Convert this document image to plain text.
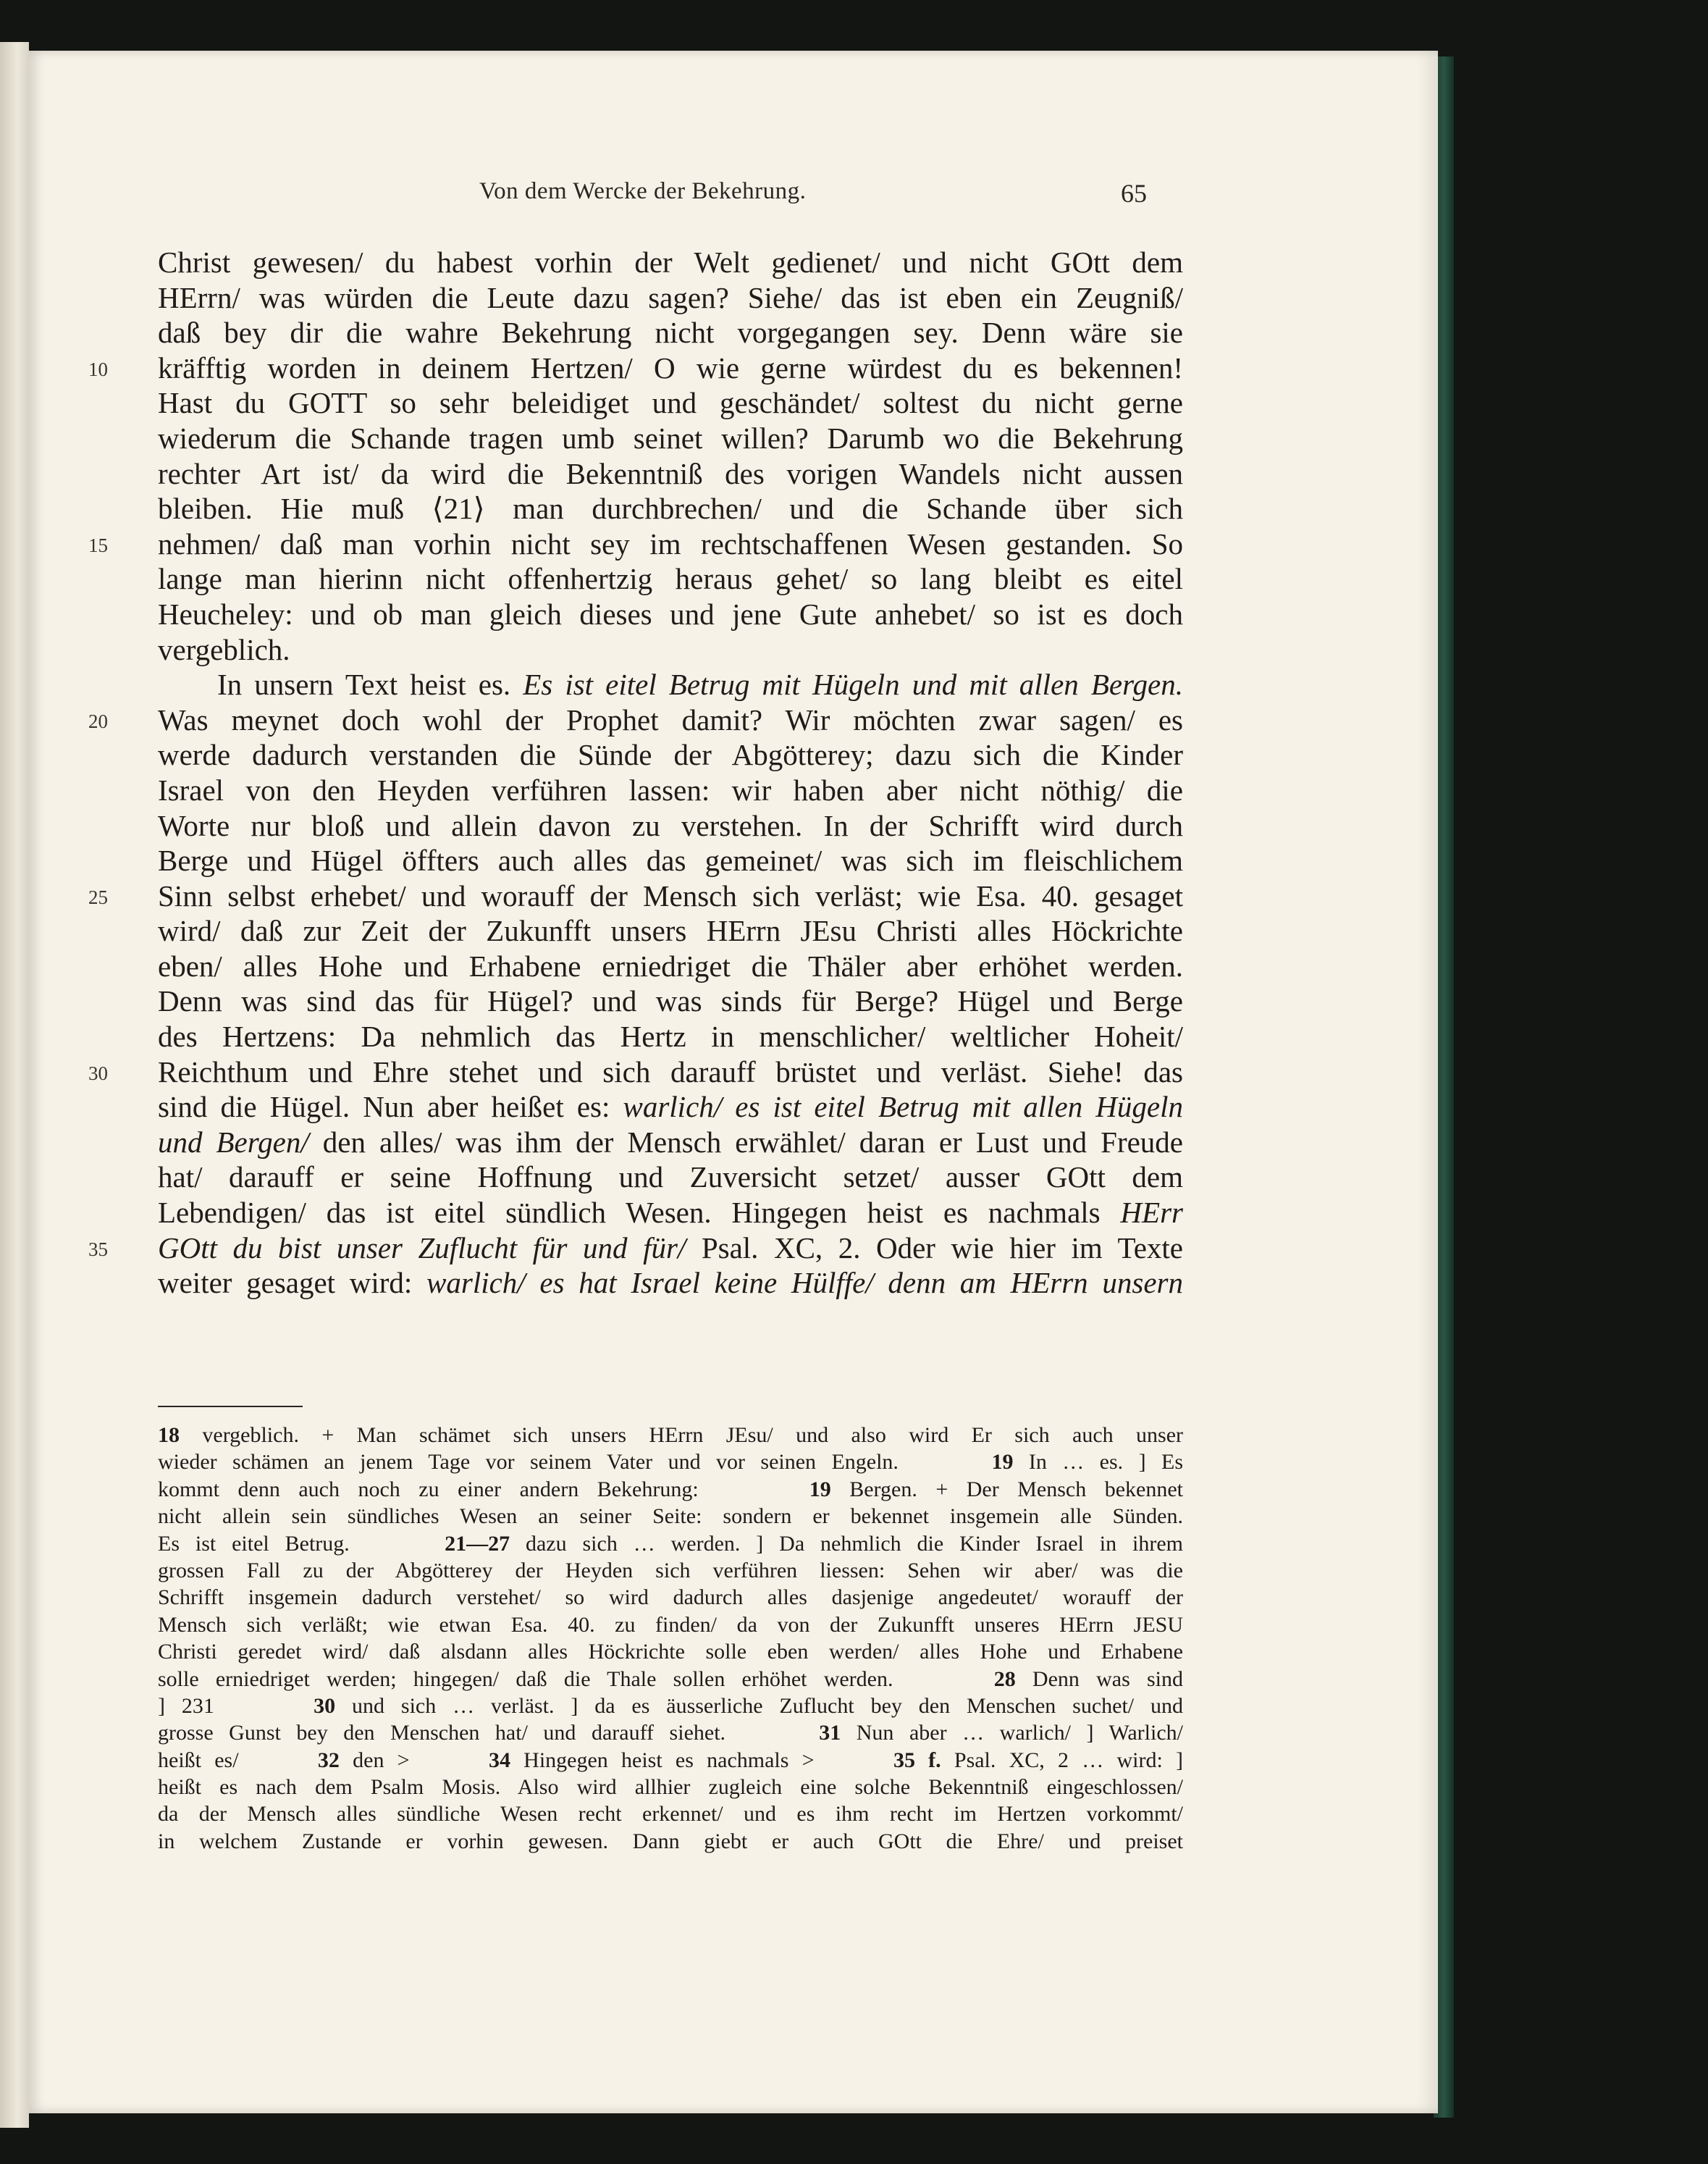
Von dem Wercke der Bekehrung.	65
Christ gewesen/ du habest vorhin der Welt gedienet/ und nicht GOtt dem
HErrn/ was würden die Leute dazu sagen? Siehe/ das ist eben ein Zeugniß/
daß bey dir die wahre Bekehrung nicht vorgegangen sey. Denn wäre sie
10	kräfftig worden in deinem Hertzen/ O wie gerne würdest du es bekennen!
Hast du GOTT so sehr beleidiget und geschändet/ soltest du nicht gerne
wiederum die Schande tragen umb seinet willen? Darumb wo die Bekehrung
rechter Art ist/ da wird die Bekenntniß des vorigen Wandels nicht aussen
bleiben. Hie muß ⟨21⟩ man durchbrechen/ und die Schande über sich
15	nehmen/ daß man vorhin nicht sey im rechtschaffenen Wesen gestanden. So
lange man hierinn nicht offenhertzig heraus gehet/ so lang bleibt es eitel
Heucheley: und ob man gleich dieses und jene Gute anhebet/ so ist es doch
vergeblich.
In unsern Text heist es. Es ist eitel Betrug mit Hügeln und mit allen Bergen.
20	Was meynet doch wohl der Prophet damit? Wir möchten zwar sagen/ es
werde dadurch verstanden die Sünde der Abgötterey; dazu sich die Kinder
Israel von den Heyden verführen lassen: wir haben aber nicht nöthig/ die
Worte nur bloß und allein davon zu verstehen. In der Schrifft wird durch
Berge und Hügel öffters auch alles das gemeinet/ was sich im fleischlichem
25	Sinn selbst erhebet/ und worauff der Mensch sich verläst; wie Esa. 40. gesaget
wird/ daß zur Zeit der Zukunfft unsers HErrn JEsu Christi alles Höckrichte
eben/ alles Hohe und Erhabene erniedriget die Thäler aber erhöhet werden.
Denn was sind das für Hügel? und was sinds für Berge? Hügel und Berge
des Hertzens: Da nehmlich das Hertz in menschlicher/ weltlicher Hoheit/
30	Reichthum und Ehre stehet und sich darauff brüstet und verläst. Siehe! das
sind die Hügel. Nun aber heißet es: warlich/ es ist eitel Betrug mit allen Hügeln
und Bergen/ den alles/ was ihm der Mensch erwählet/ daran er Lust und Freude
hat/ darauff er seine Hoffnung und Zuversicht setzet/ ausser GOtt dem
Lebendigen/ das ist eitel sündlich Wesen. Hingegen heist es nachmals HErr
35	GOtt du bist unser Zuflucht für und für/ Psal. XC, 2. Oder wie hier im Texte
weiter gesaget wird: warlich/ es hat Israel keine Hülffe/ denn am HErrn unsern
18 vergeblich. + Man schämet sich unsers HErrn JEsu/ und also wird Er sich auch unser
wieder schämen an jenem Tage vor seinem Vater und vor seinen Engeln.      19 In … es. ] Es
kommt denn auch noch zu einer andern Bekehrung:      19 Bergen. + Der Mensch bekennet
nicht allein sein sündliches Wesen an seiner Seite: sondern er bekennet insgemein alle Sünden.
Es ist eitel Betrug.      21—27 dazu sich … werden. ] Da nehmlich die Kinder Israel in ihrem
grossen Fall zu der Abgötterey der Heyden sich verführen liessen: Sehen wir aber/ was die
Schrifft insgemein dadurch verstehet/ so wird dadurch alles dasjenige angedeutet/ worauff der
Mensch sich verläßt; wie etwan Esa. 40. zu finden/ da von der Zukunfft unseres HErrn JESU
Christi geredet wird/ daß alsdann alles Höckrichte solle eben werden/ alles Hohe und Erhabene
solle erniedriget werden; hingegen/ daß die Thale sollen erhöhet werden.      28 Denn was sind
] 231      30 und sich … verläst. ] da es äusserliche Zuflucht bey den Menschen suchet/ und
grosse Gunst bey den Menschen hat/ und darauff siehet.      31 Nun aber … warlich/ ] Warlich/
heißt es/      32 den >      34 Hingegen heist es nachmals >      35 f. Psal. XC, 2 … wird: ]
heißt es nach dem Psalm Mosis. Also wird allhier zugleich eine solche Bekenntniß eingeschlossen/
da der Mensch alles sündliche Wesen recht erkennet/ und es ihm recht im Hertzen vorkommt/
in welchem Zustande er vorhin gewesen. Dann giebt er auch GOtt die Ehre/ und preiset
